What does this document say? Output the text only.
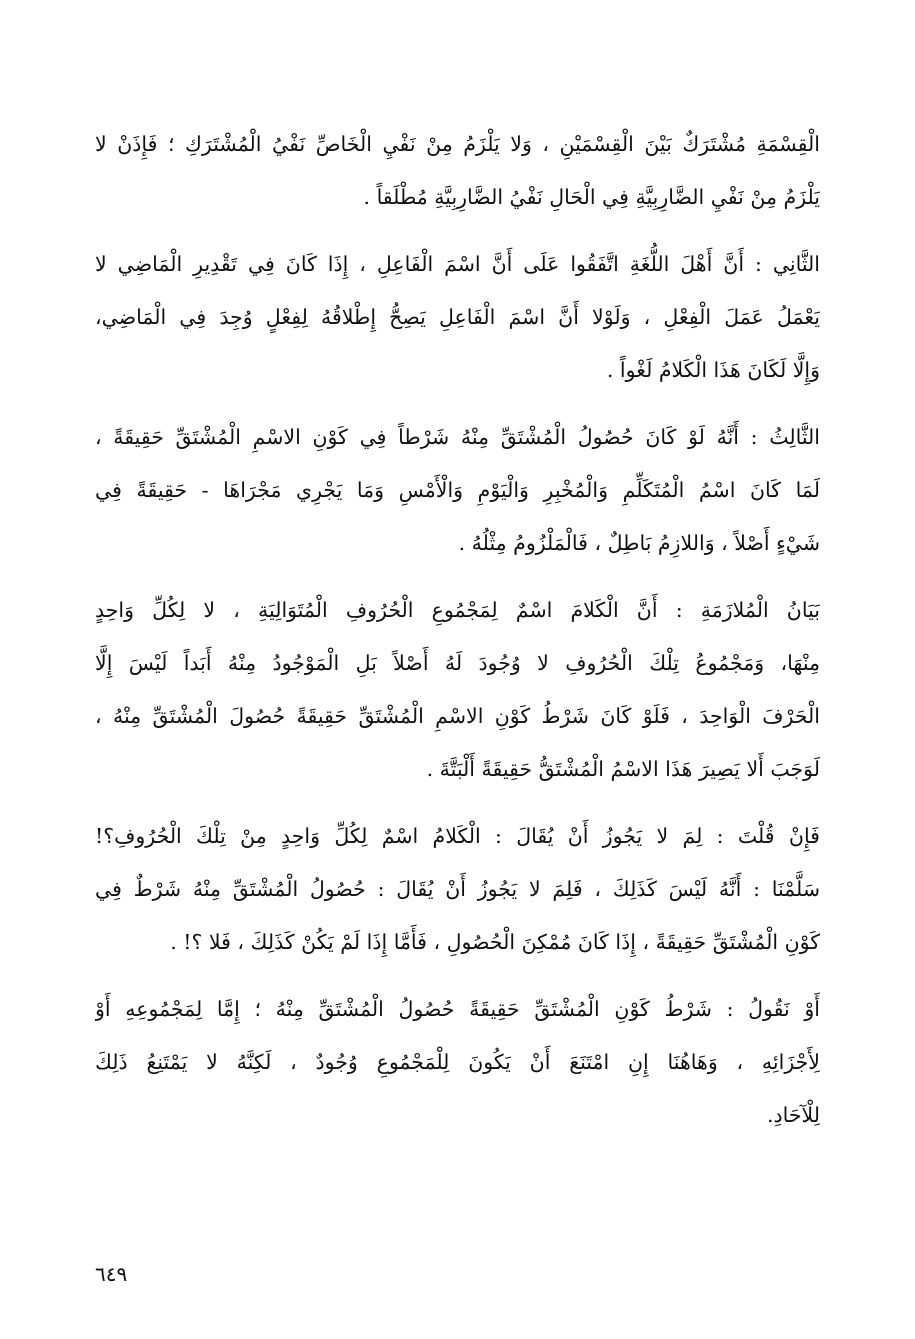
الْقِسْمَةِ مُشْتَرَكٌ بَيْنَ الْقِسْمَيْنِ ، وَلا يَلْزَمُ مِنْ نَفْيِ الْخَاصِّ نَفْيُ الْمُشْتَرَكِ ؛ فَإِذَنْ لا
يَلْزَمُ مِنْ نَفْيِ الضَّارِبِيَّةِ فِي الْحَالِ نَفْيُ الضَّارِبِيَّةِ مُطْلَقاً .
الثَّانِي : أَنَّ أَهْلَ اللُّغَةِ اتَّفَقُوا عَلَى أَنَّ اسْمَ الْفَاعِلِ ، إِذَا كَانَ فِي تَقْدِيرِ الْمَاضِي لا
يَعْمَلُ عَمَلَ الْفِعْلِ ، وَلَوْلا أَنَّ اسْمَ الْفَاعِلِ يَصِحُّ إِطْلاقُهُ لِفِعْلٍ وُجِدَ فِي الْمَاضِي،
وَإِلَّا لَكَانَ هَذَا الْكَلامُ لَغْواً .
الثَّالِثُ : أَنَّهُ لَوْ كَانَ حُصُولُ الْمُشْتَقِّ مِنْهُ شَرْطاً فِي كَوْنِ الاسْمِ الْمُشْتَقِّ حَقِيقَةً ،
لَمَا كَانَ اسْمُ الْمُتَكَلِّمِ وَالْمُخْبِرِ وَالْيَوْمِ وَالْأَمْسِ وَمَا يَجْرِي مَجْرَاهَا - حَقِيقَةً فِي
شَيْءٍ أَصْلاً ، وَاللازِمُ بَاطِلٌ ، فَالْمَلْزُومُ مِثْلُهُ .
بَيَانُ الْمُلازَمَةِ : أَنَّ الْكَلامَ اسْمٌ لِمَجْمُوعِ الْحُرُوفِ الْمُتَوَالِيَةِ ، لا لِكُلِّ وَاحِدٍ
مِنْهَا، وَمَجْمُوعُ تِلْكَ الْحُرُوفِ لا وُجُودَ لَهُ أَصْلاً بَلِ الْمَوْجُودُ مِنْهُ أَبَداً لَيْسَ إِلَّا
الْحَرْفَ الْوَاحِدَ ، فَلَوْ كَانَ شَرْطُ كَوْنِ الاسْمِ الْمُشْتَقِّ حَقِيقَةً حُصُولَ الْمُشْتَقِّ مِنْهُ ،
لَوَجَبَ أَلا يَصِيرَ هَذَا الاسْمُ الْمُشْتَقُّ حَقِيقَةً أَلْبَتَّةَ .
فَإِنْ قُلْتَ : لِمَ لا يَجُوزُ أَنْ يُقَالَ : الْكَلامُ اسْمٌ لِكُلِّ وَاحِدٍ مِنْ تِلْكَ الْحُرُوفِ؟!
سَلَّمْنَا : أَنَّهُ لَيْسَ كَذَلِكَ ، فَلِمَ لا يَجُوزُ أَنْ يُقَالَ : حُصُولُ الْمُشْتَقِّ مِنْهُ شَرْطٌ فِي
كَوْنِ الْمُشْتَقِّ حَقِيقَةً ، إِذَا كَانَ مُمْكِنَ الْحُصُولِ ، فَأَمَّا إِذَا لَمْ يَكُنْ كَذَلِكَ ، فَلا ؟! .
أَوْ نَقُولُ : شَرْطُ كَوْنِ الْمُشْتَقِّ حَقِيقَةً حُصُولُ الْمُشْتَقِّ مِنْهُ ؛ إِمَّا لِمَجْمُوعِهِ أَوْ
لِأَجْزَائِهِ ، وَهَاهُنَا إِنِ امْتَنَعَ أَنْ يَكُونَ لِلْمَجْمُوعِ وُجُودٌ ، لَكِنَّهُ لا يَمْتَنِعُ ذَلِكَ
لِلْآحَادِ.
٦٤٩
